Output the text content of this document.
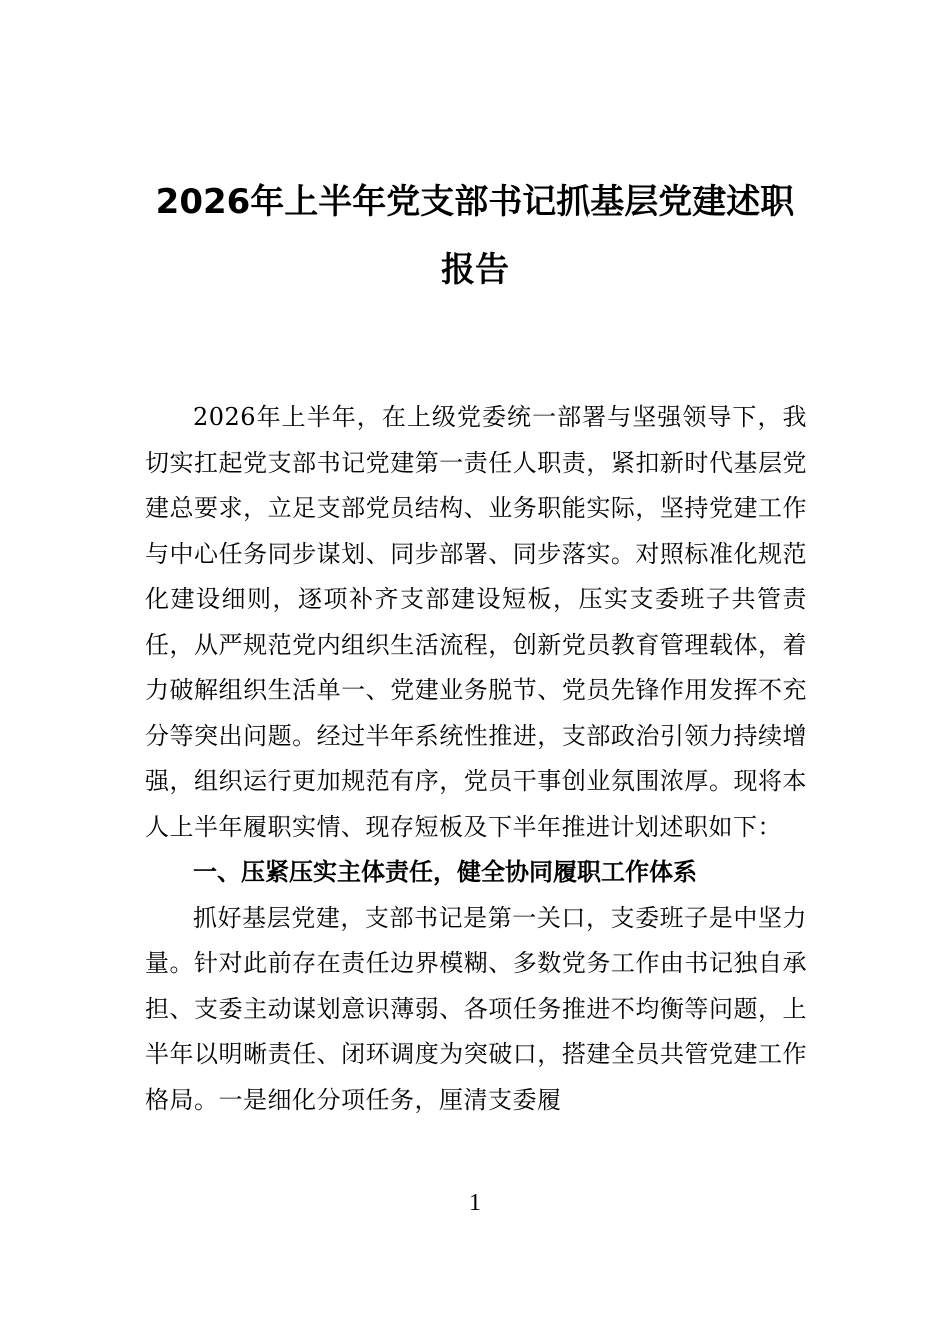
2026年上半年党支部书记抓基层党建述职报告

2026年上半年，在上级党委统一部署与坚强领导下，我切实扛起党支部书记党建第一责任人职责，紧扣新时代基层党建总要求，立足支部党员结构、业务职能实际，坚持党建工作与中心任务同步谋划、同步部署、同步落实。对照标准化规范化建设细则，逐项补齐支部建设短板，压实支委班子共管责任，从严规范党内组织生活流程，创新党员教育管理载体，着力破解组织生活单一、党建业务脱节、党员先锋作用发挥不充分等突出问题。经过半年系统性推进，支部政治引领力持续增强，组织运行更加规范有序，党员干事创业氛围浓厚。现将本人上半年履职实情、现存短板及下半年推进计划述职如下：

一、压紧压实主体责任，健全协同履职工作体系

抓好基层党建，支部书记是第一关口，支委班子是中坚力量。针对此前存在责任边界模糊、多数党务工作由书记独自承担、支委主动谋划意识薄弱、各项任务推进不均衡等问题，上半年以明晰责任、闭环调度为突破口，搭建全员共管党建工作格局。一是细化分项任务，厘清支委履

1
